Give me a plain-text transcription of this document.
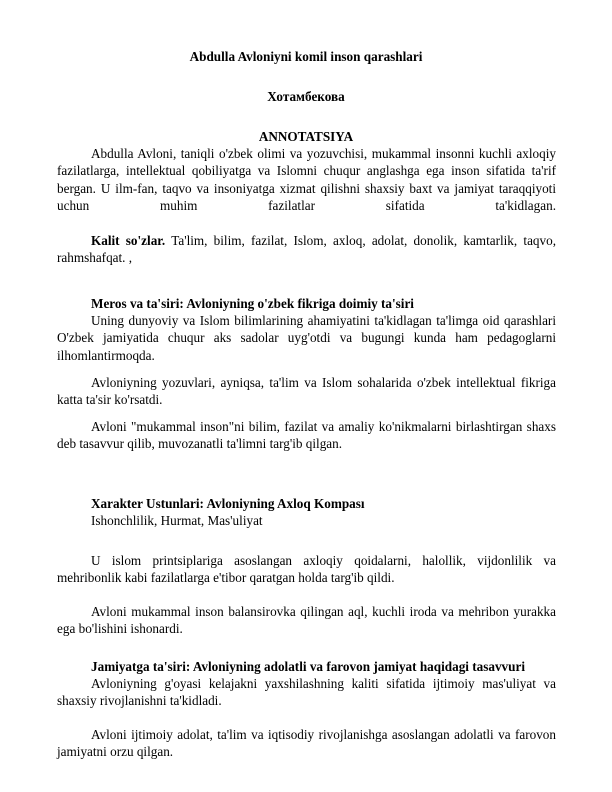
Abdulla Avloniyni komil inson qarashlari
Хотамбекова
ANNOTATSIYA

Abdulla Avloni, taniqli o'zbek olimi va yozuvchisi, mukammal insonni kuchli axloqiy fazilatlarga, intellektual qobiliyatga va Islomni chuqur anglashga ega inson sifatida ta'rif bergan. U ilm-fan, taqvo va insoniyatga xizmat qilishni shaxsiy baxt va jamiyat taraqqiyoti uchun muhim fazilatlar sifatida ta'kidlagan.

Kalit so'zlar. Ta'lim, bilim, fazilat, Islom, axloq, adolat, donolik, kamtarlik, taqvo, rahmshafqat. ,

Meros va ta'siri: Avloniyning o'zbek fikriga doimiy ta'siri

Uning dunyoviy va Islom bilimlarining ahamiyatini ta'kidlagan ta'limga oid qarashlari O'zbek jamiyatida chuqur aks sadolar uyg'otdi va bugungi kunda ham pedagoglarni ilhomlantirmoqda.

Avloniyning yozuvlari, ayniqsa, ta'lim va Islom sohalarida o'zbek intellektual fikriga katta ta'sir ko'rsatdi.

Avloni "mukammal inson"ni bilim, fazilat va amaliy ko'nikmalarni birlashtirgan shaxs deb tasavvur qilib, muvozanatli ta'limni targ'ib qilgan.

Xarakter Ustunlari: Avloniyning Axloq Kompası
Ishonchlilik, Hurmat, Mas'uliyat

U islom printsiplariga asoslangan axloqiy qoidalarni, halollik, vijdonlilik va mehribonlik kabi fazilatlarga e'tibor qaratgan holda targ'ib qildi.

Avloni mukammal inson balansirovka qilingan aql, kuchli iroda va mehribon yurakka ega bo'lishini ishonardi.

Jamiyatga ta'siri: Avloniyning adolatli va farovon jamiyat haqidagi tasavvuri

Avloniyning g'oyasi kelajakni yaxshilashning kaliti sifatida ijtimoiy mas'uliyat va shaxsiy rivojlanishni ta'kidladi.

Avloni ijtimoiy adolat, ta'lim va iqtisodiy rivojlanishga asoslangan adolatli va farovon jamiyatni orzu qilgan.
